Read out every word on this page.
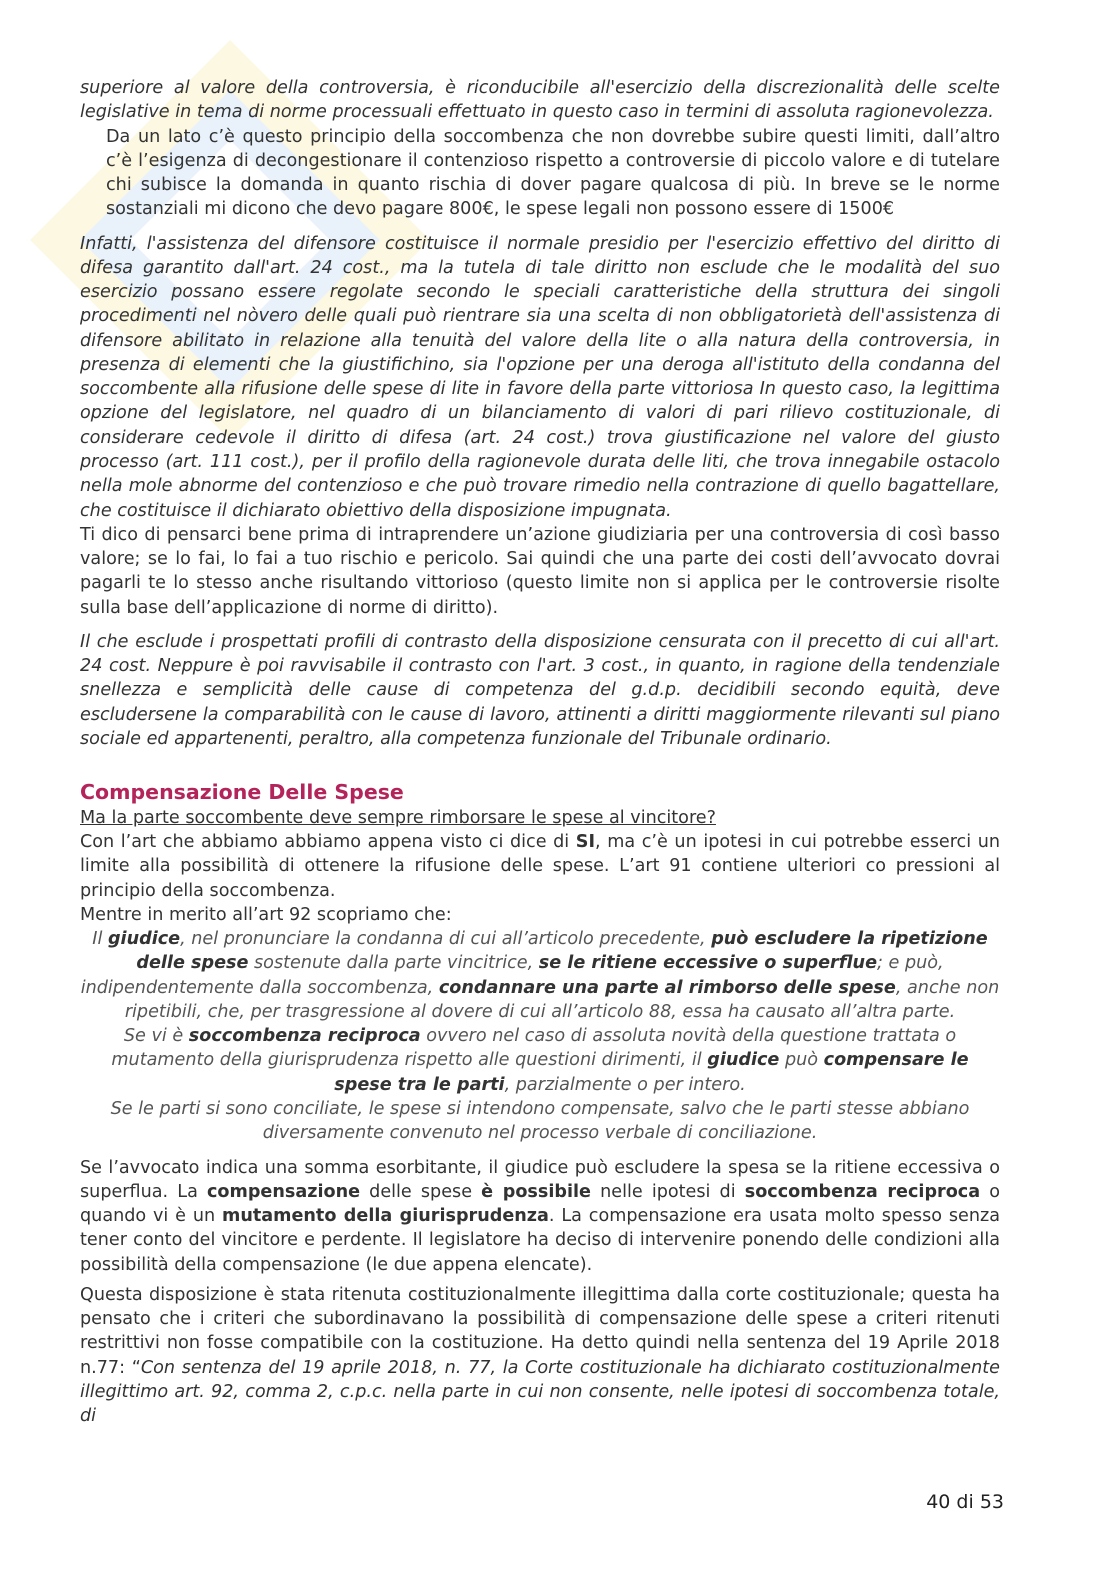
superiore al valore della controversia, è riconducibile all'esercizio della discrezionalità delle scelte legislative in tema di norme processuali effettuato in questo caso in termini di assoluta ragionevolezza.

Da un lato c’è questo principio della soccombenza che non dovrebbe subire questi limiti, dall’altro c’è l’esigenza di decongestionare il contenzioso rispetto a controversie di piccolo valore e di tutelare chi subisce la domanda in quanto rischia di dover pagare qualcosa di più. In breve se le norme sostanziali mi dicono che devo pagare 800€, le spese legali non possono essere di 1500€

Infatti, l'assistenza del difensore costituisce il normale presidio per l'esercizio effettivo del diritto di difesa garantito dall'art. 24 cost., ma la tutela di tale diritto non esclude che le modalità del suo esercizio possano essere regolate secondo le speciali caratteristiche della struttura dei singoli procedimenti nel nòvero delle quali può rientrare sia una scelta di non obbligatorietà dell'assistenza di difensore abilitato in relazione alla tenuità del valore della lite o alla natura della controversia, in presenza di elementi che la giustifichino, sia l'opzione per una deroga all'istituto della condanna del soccombente alla rifusione delle spese di lite in favore della parte vittoriosa In questo caso, la legittima opzione del legislatore, nel quadro di un bilanciamento di valori di pari rilievo costituzionale, di considerare cedevole il diritto di difesa (art. 24 cost.) trova giustificazione nel valore del giusto processo (art. 111 cost.), per il profilo della ragionevole durata delle liti, che trova innegabile ostacolo nella mole abnorme del contenzioso e che può trovare rimedio nella contrazione di quello bagattellare, che costituisce il dichiarato obiettivo della disposizione impugnata.

Ti dico di pensarci bene prima di intraprendere un’azione giudiziaria per una controversia di così basso valore; se lo fai, lo fai a tuo rischio e pericolo. Sai quindi che una parte dei costi dell’avvocato dovrai pagarli te lo stesso anche risultando vittorioso (questo limite non si applica per le controversie risolte sulla base dell’applicazione di norme di diritto).

Il che esclude i prospettati profili di contrasto della disposizione censurata con il precetto di cui all'art. 24 cost. Neppure è poi ravvisabile il contrasto con l'art. 3 cost., in quanto, in ragione della tendenziale snellezza e semplicità delle cause di competenza del g.d.p. decidibili secondo equità, deve escludersene la comparabilità con le cause di lavoro, attinenti a diritti maggiormente rilevanti sul piano sociale ed appartenenti, peraltro, alla competenza funzionale del Tribunale ordinario.

Compensazione Delle Spese

Ma la parte soccombente deve sempre rimborsare le spese al vincitore?

Con l’art che abbiamo abbiamo appena visto ci dice di SI, ma c’è un ipotesi in cui potrebbe esserci un limite alla possibilità di ottenere la rifusione delle spese. L’art 91 contiene ulteriori co pressioni al principio della soccombenza.

Mentre in merito all’art 92 scopriamo che:

Il giudice, nel pronunciare la condanna di cui all’articolo precedente, può escludere la ripetizione delle spese sostenute dalla parte vincitrice, se le ritiene eccessive o superflue; e può, indipendentemente dalla soccombenza, condannare una parte al rimborso delle spese, anche non ripetibili, che, per trasgressione al dovere di cui all’articolo 88, essa ha causato all’altra parte.

Se vi è soccombenza reciproca ovvero nel caso di assoluta novità della questione trattata o mutamento della giurisprudenza rispetto alle questioni dirimenti, il giudice può compensare le spese tra le parti, parzialmente o per intero.

Se le parti si sono conciliate, le spese si intendono compensate, salvo che le parti stesse abbiano diversamente convenuto nel processo verbale di conciliazione.

Se l’avvocato indica una somma esorbitante, il giudice può escludere la spesa se la ritiene eccessiva o superflua. La compensazione delle spese è possibile nelle ipotesi di soccombenza reciproca o quando vi è un mutamento della giurisprudenza. La compensazione era usata molto spesso senza tener conto del vincitore e perdente. Il legislatore ha deciso di intervenire ponendo delle condizioni alla possibilità della compensazione (le due appena elencate).

Questa disposizione è stata ritenuta costituzionalmente illegittima dalla corte costituzionale; questa ha pensato che i criteri che subordinavano la possibilità di compensazione delle spese a criteri ritenuti restrittivi non fosse compatibile con la costituzione. Ha detto quindi nella sentenza del 19 Aprile 2018 n.77: “Con sentenza del 19 aprile 2018, n. 77, la Corte costituzionale ha dichiarato costituzionalmente illegittimo art. 92, comma 2, c.p.c. nella parte in cui non consente, nelle ipotesi di soccombenza totale, di

40 di 53
